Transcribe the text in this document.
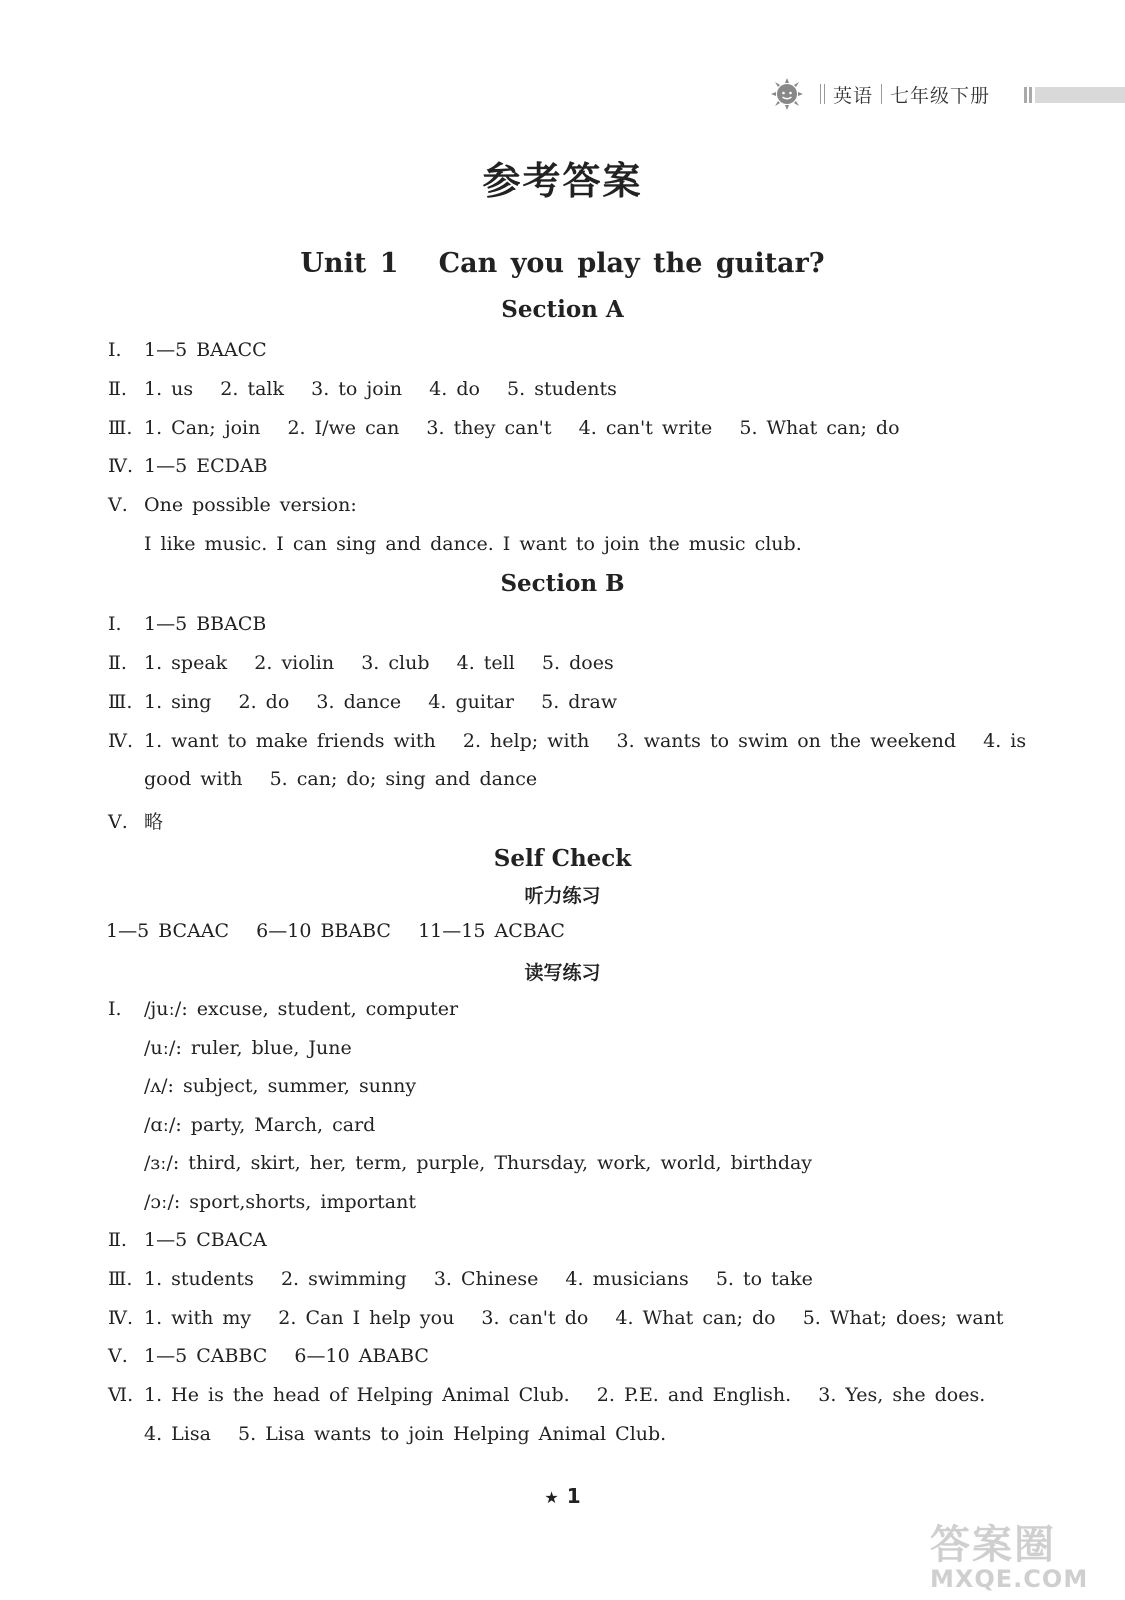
英语 七年级下册
参考答案
Unit 1   Can you play the guitar?
Section A
Ⅰ. 1—5 BAACC
Ⅱ. 1. us   2. talk   3. to join   4. do   5. students
Ⅲ. 1. Can; join   2. I/we can   3. they can't   4. can't write   5. What can; do
Ⅳ. 1—5 ECDAB
Ⅴ. One possible version:
I like music. I can sing and dance. I want to join the music club.
Section B
Ⅰ. 1—5 BBACB
Ⅱ. 1. speak   2. violin   3. club   4. tell   5. does
Ⅲ. 1. sing   2. do   3. dance   4. guitar   5. draw
Ⅳ. 1. want to make friends with   2. help; with   3. wants to swim on the weekend   4. is
good with   5. can; do; sing and dance
Ⅴ. 略
Self Check
听力练习
1—5 BCAAC   6—10 BBABC   11—15 ACBAC
读写练习
Ⅰ. /juː/: excuse, student, computer
/uː/: ruler, blue, June
/ʌ/: subject, summer, sunny
/ɑː/: party, March, card
/ɜː/: third, skirt, her, term, purple, Thursday, work, world, birthday
/ɔː/: sport,shorts, important
Ⅱ. 1—5 CBACA
Ⅲ. 1. students   2. swimming   3. Chinese   4. musicians   5. to take
Ⅳ. 1. with my   2. Can I help you   3. can't do   4. What can; do   5. What; does; want
Ⅴ. 1—5 CABBC   6—10 ABABC
Ⅵ. 1. He is the head of Helping Animal Club.   2. P.E. and English.   3. Yes, she does.
4. Lisa   5. Lisa wants to join Helping Animal Club.
★ 1
答案圈
MXQE.COM
